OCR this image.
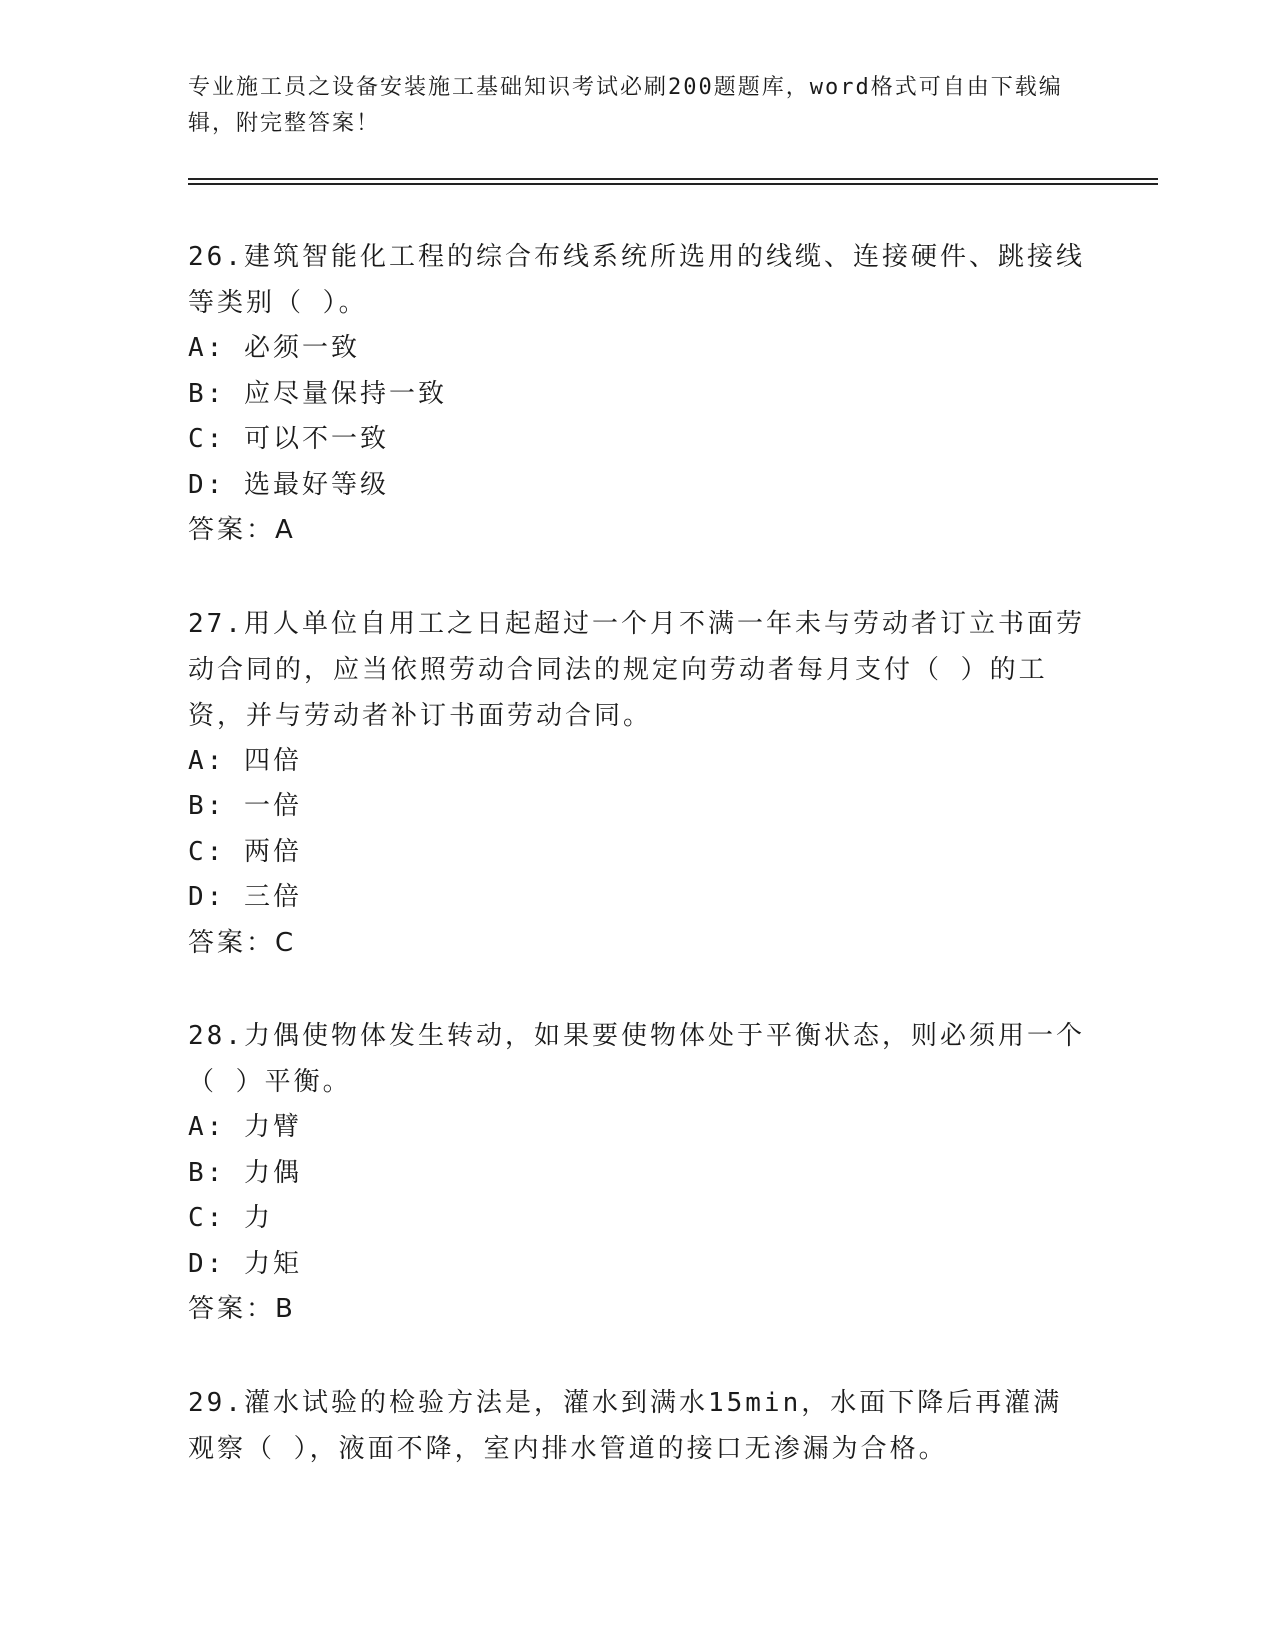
专业施工员之设备安装施工基础知识考试必刷200题题库，word格式可自由下载编辑，附完整答案！

26.建筑智能化工程的综合布线系统所选用的线缆、连接硬件、跳接线等类别（ ）。

A: 必须一致
B: 应尽量保持一致
C: 可以不一致
D: 选最好等级
答案：A

27.用人单位自用工之日起超过一个月不满一年未与劳动者订立书面劳动合同的，应当依照劳动合同法的规定向劳动者每月支付（ ）的工资，并与劳动者补订书面劳动合同。

A: 四倍
B: 一倍
C: 两倍
D: 三倍
答案：C

28.力偶使物体发生转动，如果要使物体处于平衡状态，则必须用一个（ ）平衡。

A: 力臂
B: 力偶
C: 力
D: 力矩
答案：B

29.灌水试验的检验方法是，灌水到满水15min，水面下降后再灌满观察（ ），液面不降，室内排水管道的接口无渗漏为合格。
